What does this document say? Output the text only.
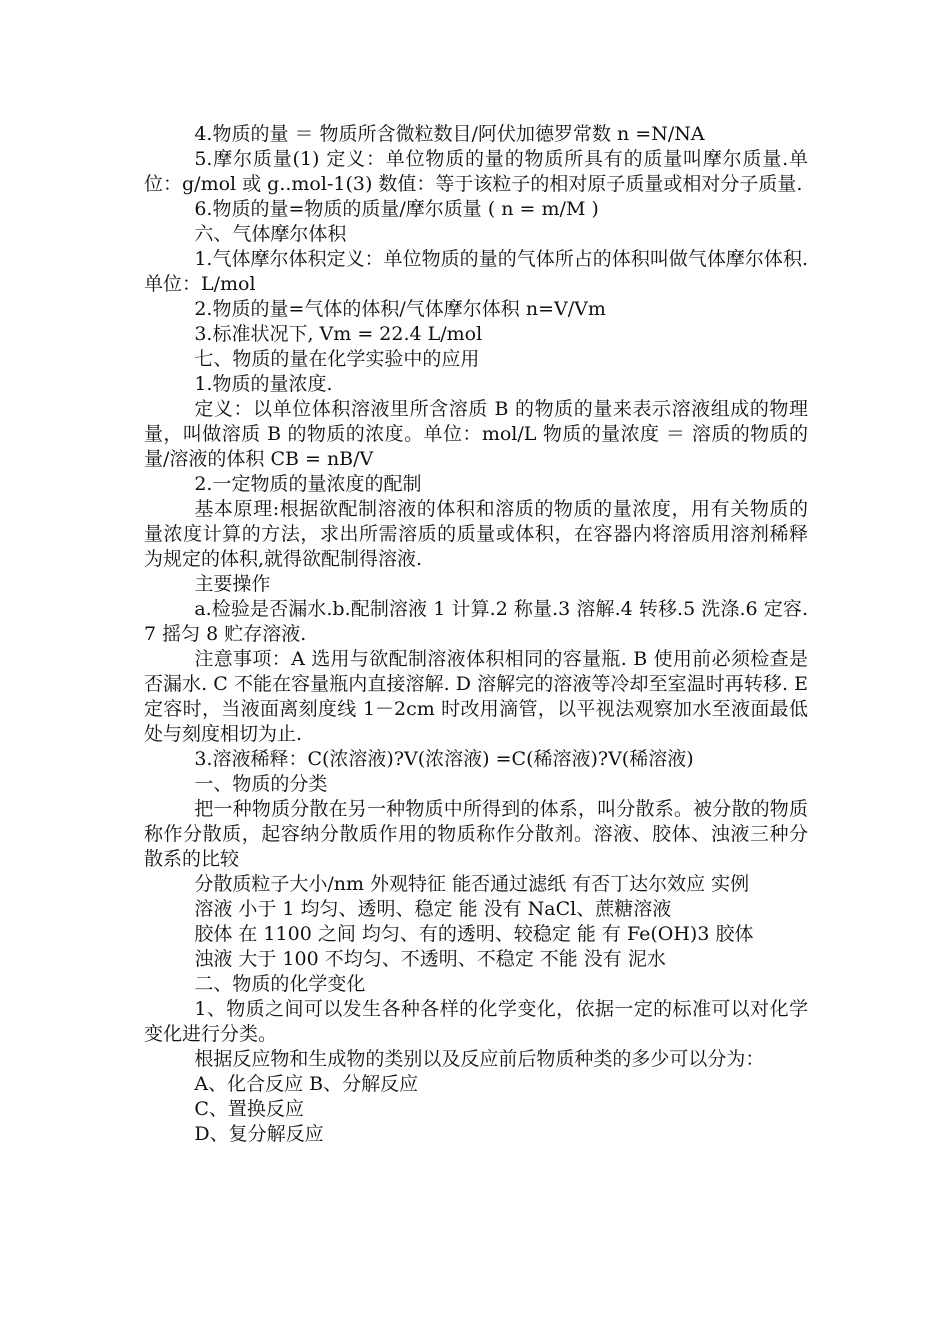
4.物质的量 ＝ 物质所含微粒数目/阿伏加德罗常数 n =N/NA

5.摩尔质量(1) 定义：单位物质的量的物质所具有的质量叫摩尔质量.单位：g/mol 或 g..mol-1(3) 数值：等于该粒子的相对原子质量或相对分子质量.

6.物质的量=物质的质量/摩尔质量 ( n = m/M )

六、气体摩尔体积

1.气体摩尔体积定义：单位物质的量的气体所占的体积叫做气体摩尔体积.单位：L/mol

2.物质的量=气体的体积/气体摩尔体积 n=V/Vm

3.标准状况下, Vm = 22.4 L/mol

七、物质的量在化学实验中的应用

1.物质的量浓度.

定义：以单位体积溶液里所含溶质 B 的物质的量来表示溶液组成的物理量，叫做溶质 B 的物质的浓度。单位：mol/L 物质的量浓度 ＝ 溶质的物质的量/溶液的体积 CB = nB/V

2.一定物质的量浓度的配制

基本原理:根据欲配制溶液的体积和溶质的物质的量浓度，用有关物质的量浓度计算的方法，求出所需溶质的质量或体积，在容器内将溶质用溶剂稀释为规定的体积,就得欲配制得溶液.

主要操作

a.检验是否漏水.b.配制溶液 1 计算.2 称量.3 溶解.4 转移.5 洗涤.6 定容.7 摇匀 8 贮存溶液.

注意事项：A 选用与欲配制溶液体积相同的容量瓶. B 使用前必须检查是否漏水. C 不能在容量瓶内直接溶解. D 溶解完的溶液等冷却至室温时再转移. E 定容时，当液面离刻度线 1－2cm 时改用滴管，以平视法观察加水至液面最低处与刻度相切为止.

3.溶液稀释：C(浓溶液)?V(浓溶液) =C(稀溶液)?V(稀溶液)

一、物质的分类

把一种物质分散在另一种物质中所得到的体系，叫分散系。被分散的物质称作分散质，起容纳分散质作用的物质称作分散剂。溶液、胶体、浊液三种分散系的比较

分散质粒子大小/nm 外观特征 能否通过滤纸 有否丁达尔效应 实例

溶液 小于 1 均匀、透明、稳定 能 没有 NaCl、蔗糖溶液

胶体 在 1100 之间 均匀、有的透明、较稳定 能 有 Fe(OH)3 胶体

浊液 大于 100 不均匀、不透明、不稳定 不能 没有 泥水

二、物质的化学变化

1、物质之间可以发生各种各样的化学变化，依据一定的标准可以对化学变化进行分类。

根据反应物和生成物的类别以及反应前后物质种类的多少可以分为：

A、化合反应 B、分解反应

C、置换反应

D、复分解反应
